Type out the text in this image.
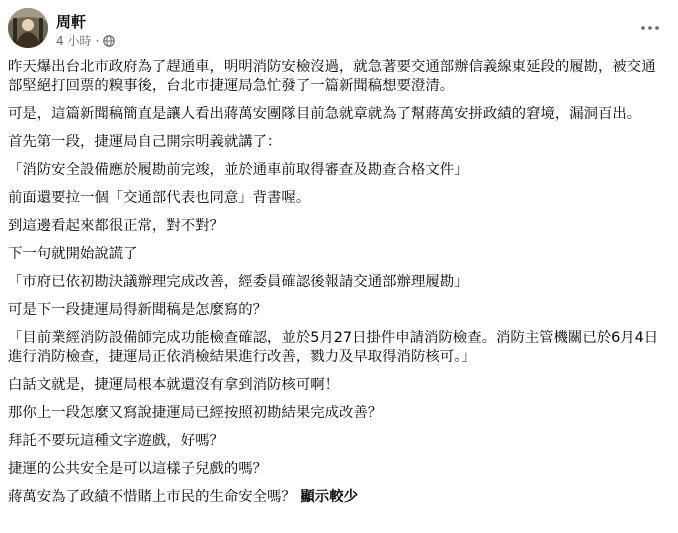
周軒
4 小時 ·

昨天爆出台北市政府為了趕通車，明明消防安檢沒過，就急著要交通部辦信義線東延段的履勘，被交通部堅絕打回票的糗事後，台北市捷運局急忙發了一篇新聞稿想要澄清。

可是，這篇新聞稿簡直是讓人看出蔣萬安團隊目前急就章就為了幫蔣萬安拼政績的窘境，漏洞百出。

首先第一段，捷運局自己開宗明義就講了：

「消防安全設備應於履勘前完竣，並於通車前取得審查及勘查合格文件」

前面還要拉一個「交通部代表也同意」背書喔。

到這邊看起來都很正常，對不對？

下一句就開始說謊了

「市府已依初勘決議辦理完成改善，經委員確認後報請交通部辦理履勘」

可是下一段捷運局得新聞稿是怎麼寫的？

「目前業經消防設備師完成功能檢查確認，並於5月27日掛件申請消防檢查。消防主管機關已於6月4日進行消防檢查，捷運局正依消檢結果進行改善，戮力及早取得消防核可。」

白話文就是，捷運局根本就還沒有拿到消防核可啊！

那你上一段怎麼又寫說捷運局已經按照初勘結果完成改善？

拜託不要玩這種文字遊戲，好嗎？

捷運的公共安全是可以這樣子兒戲的嗎？

蔣萬安為了政績不惜賭上市民的生命安全嗎？ 顯示較少
